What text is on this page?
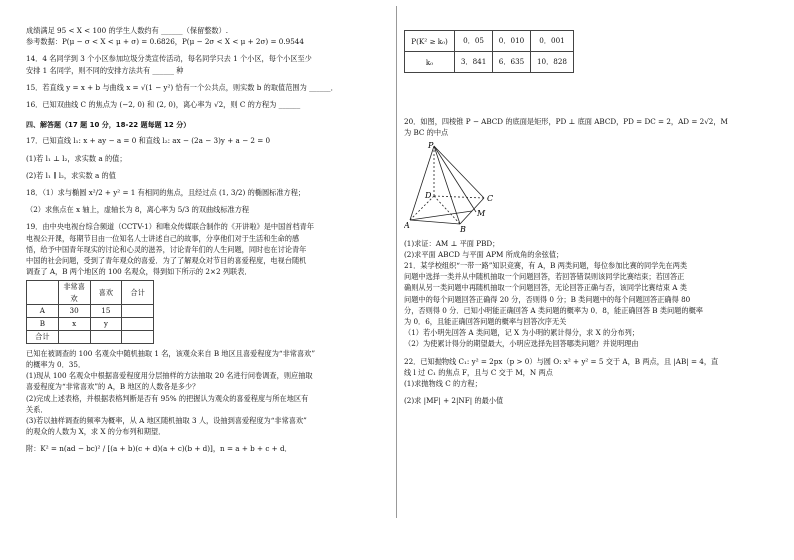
成绩满足 95 < X < 100 的学生人数约有 ______（保留整数）.

参考数据：P(μ − σ < X < μ + σ) = 0.6826，P(μ − 2σ < X < μ + 2σ) = 0.9544

14．4 名同学到 3 个小区参加垃圾分类宣传活动，每名同学只去 1 个小区，每个小区至少

安排 1 名同学，则不同的安排方法共有 ______ 种

15．若直线 y = x + b 与曲线 x = √(1 − y²) 恰有一个公共点，则实数 b 的取值范围为 ______．

16．已知双曲线 C 的焦点为 (−2, 0) 和 (2, 0)，离心率为 √2，则 C 的方程为 ______

四、解答题（17 题 10 分，18-22 题每题 12 分）

17．已知直线 l₁: x + ay − a = 0 和直线 l₂: ax − (2a − 3)y + a − 2 = 0

(1)若 l₁ ⊥ l₂，求实数 a 的值；

(2)若 l₁ ∥ l₂，求实数 a 的值

18．（1）求与椭圆 x²/2 + y² = 1 有相同的焦点，且经过点 (1, 3/2) 的椭圆标准方程；

（2）求焦点在 x 轴上，虚轴长为 8，离心率为 5/3 的双曲线标准方程

19．由中央电视台综合频道（CCTV-1）和唯众传媒联合制作的《开讲啦》是中国首档青年

电视公开课，每期节目由一位知名人士讲述自己的故事，分享他们对于生活和生命的感

悟，给予中国青年现实的讨论和心灵的滋养，讨论青年们的人生问题，同时也在讨论青年

中国的社会问题，受到了青年观众的喜爱．为了了解观众对节目的喜爱程度，电视台随机

调查了 A，B 两个地区的 100 名观众，得到如下所示的 2×2 列联表．

	非常喜欢	喜欢	合计
A	30	15	
B	x	y	
合计			

已知在被调查的 100 名观众中随机抽取 1 名，该观众来自 B 地区且喜爱程度为“非常喜欢”

的概率为 0．35．

(1)现从 100 名观众中根据喜爱程度用分层抽样的方法抽取 20 名进行问卷调查，则应抽取

喜爱程度为“非常喜欢”的 A，B 地区的人数各是多少？

(2)完成上述表格，并根据表格判断是否有 95% 的把握认为观众的喜爱程度与所在地区有

关系．

(3)若以抽样调查的频率为概率，从 A 地区随机抽取 3 人，设抽到喜爱程度为“非常喜欢”

的观众的人数为 X，求 X 的分布列和期望．

附：K² = n(ad − bc)² / [(a + b)(c + d)(a + c)(b + d)]，n = a + b + c + d．

P(K² ≥ k₀)	0．05	0．010	0．001
k₀	3．841	6．635	10．828

20．如图，四棱锥 P − ABCD 的底面是矩形，PD ⊥ 底面 ABCD，PD = DC = 2，AD = 2√2，M

为 BC 的中点

P
A	B
C
D
M

(1)求证：AM ⊥ 平面 PBD；

(2)求平面 ABCD 与平面 APM 所成角的余弦值；

21．某学校组织“一带一路”知识竞赛，有 A，B 两类问题，每位参加比赛的同学先在两类

问题中选择一类并从中随机抽取一个问题回答，若回答错误则该同学比赛结束；若回答正

确则从另一类问题中再随机抽取一个问题回答，无论回答正确与否，该同学比赛结束 A 类

问题中的每个问题回答正确得 20 分，否则得 0 分；B 类问题中的每个问题回答正确得 80

分，否则得 0 分．已知小明能正确回答 A 类问题的概率为 0．8，能正确回答 B 类问题的概率

为 0．6，且能正确回答问题的概率与回答次序无关

（1）若小明先回答 A 类问题，记 X 为小明的累计得分，求 X 的分布列；

（2）为使累计得分的期望最大，小明应选择先回答哪类问题？并说明理由

22．已知抛物线 C₁: y² = 2px（p > 0）与圆 O: x² + y² = 5 交于 A，B 两点，且 |AB| = 4，直

线 l 过 C₁ 的焦点 F，且与 C 交于 M，N 两点

(1)求抛物线 C 的方程；

(2)求 |MF| + 2|NF| 的最小值
